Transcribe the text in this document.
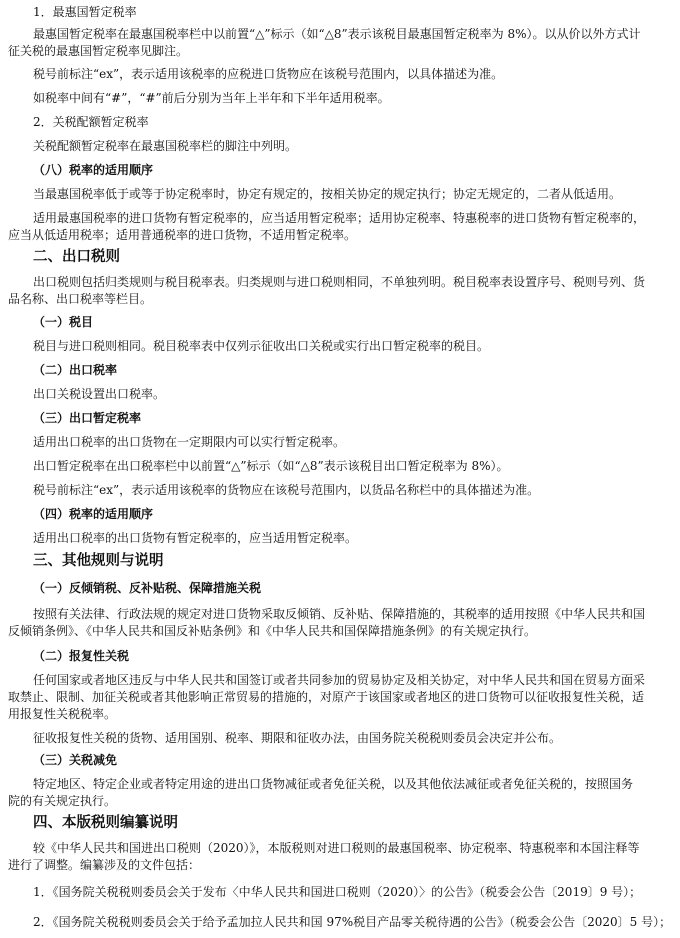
1．最惠国暂定税率

最惠国暂定税率在最惠国税率栏中以前置“△”标示（如“△8”表示该税目最惠国暂定税率为 8%）。以从价以外方式计

征关税的最惠国暂定税率见脚注。

税号前标注“ex”，表示适用该税率的应税进口货物应在该税号范围内，以具体描述为准。

如税率中间有“#”，“#”前后分别为当年上半年和下半年适用税率。

2．关税配额暂定税率

关税配额暂定税率在最惠国税率栏的脚注中列明。

（八）税率的适用顺序

当最惠国税率低于或等于协定税率时，协定有规定的，按相关协定的规定执行；协定无规定的，二者从低适用。

适用最惠国税率的进口货物有暂定税率的，应当适用暂定税率；适用协定税率、特惠税率的进口货物有暂定税率的，

应当从低适用税率；适用普通税率的进口货物，不适用暂定税率。

二、出口税则

出口税则包括归类规则与税目税率表。归类规则与进口税则相同，不单独列明。税目税率表设置序号、税则号列、货

品名称、出口税率等栏目。

（一）税目

税目与进口税则相同。税目税率表中仅列示征收出口关税或实行出口暂定税率的税目。

（二）出口税率

出口关税设置出口税率。

（三）出口暂定税率

适用出口税率的出口货物在一定期限内可以实行暂定税率。

出口暂定税率在出口税率栏中以前置“△”标示（如“△8”表示该税目出口暂定税率为 8%）。

税号前标注“ex”，表示适用该税率的货物应在该税号范围内，以货品名称栏中的具体描述为准。

（四）税率的适用顺序

适用出口税率的出口货物有暂定税率的，应当适用暂定税率。

三、其他规则与说明

（一）反倾销税、反补贴税、保障措施关税

按照有关法律、行政法规的规定对进口货物采取反倾销、反补贴、保障措施的，其税率的适用按照《中华人民共和国

反倾销条例》、《中华人民共和国反补贴条例》和《中华人民共和国保障措施条例》的有关规定执行。

（二）报复性关税

任何国家或者地区违反与中华人民共和国签订或者共同参加的贸易协定及相关协定，对中华人民共和国在贸易方面采

取禁止、限制、加征关税或者其他影响正常贸易的措施的，对原产于该国家或者地区的进口货物可以征收报复性关税，适

用报复性关税税率。

征收报复性关税的货物、适用国别、税率、期限和征收办法，由国务院关税税则委员会决定并公布。

（三）关税减免

特定地区、特定企业或者特定用途的进出口货物减征或者免征关税，以及其他依法减征或者免征关税的，按照国务

院的有关规定执行。

四、本版税则编纂说明

较《中华人民共和国进出口税则（2020）》，本版税则对进口税则的最惠国税率、协定税率、特惠税率和本国注释等

进行了调整。编纂涉及的文件包括：

1．《国务院关税税则委员会关于发布〈中华人民共和国进口税则（2020）〉的公告》（税委会公告〔2019〕9 号）；

2．《国务院关税税则委员会关于给予孟加拉人民共和国 97%税目产品零关税待遇的公告》（税委会公告〔2020〕5 号）；
